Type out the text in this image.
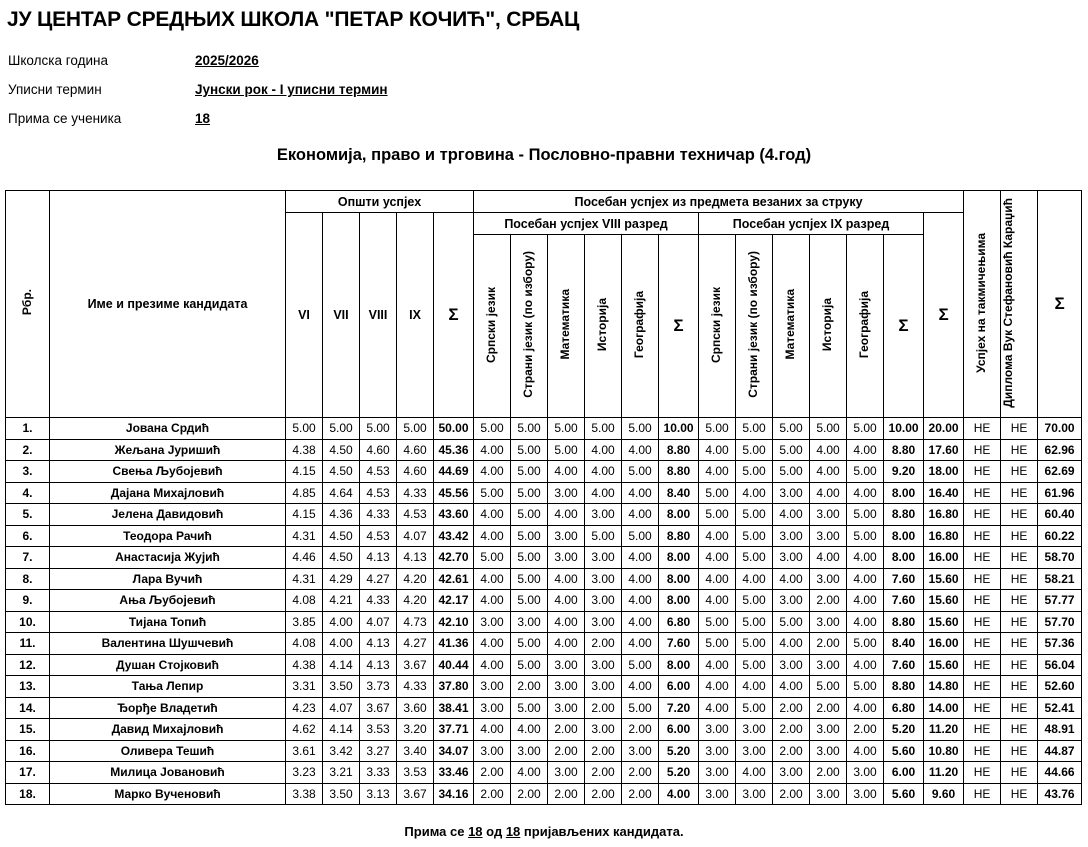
ЈУ ЦЕНТАР СРЕДЊИХ ШКОЛА "ПЕТАР КОЧИЋ", СРБАЦ
Школска година	2025/2026
Уписни термин	Јунски рок - I уписни термин
Прима се ученика	18
Економија, право и трговина - Пословно-правни техничар (4.год)
Рбр.	Име и презиме кандидата	Општи успјех					Посебан успјех из предмета везаних за струку													Успјех на такмичењима	Диплома Вук Стефановић Караџић	Σ
		VI	VII	VIII	IX	Σ	Посебан успјех VIII разред						Посебан успјех IX разред						Σ			
							Српски језик	Страни језик (по избору)	Математика	Историја	Географија	Σ	Српски језик	Страни језик (по избору)	Математика	Историја	Географија	Σ				
1.	Јована Срдић	5.00	5.00	5.00	5.00	50.00	5.00	5.00	5.00	5.00	5.00	10.00	5.00	5.00	5.00	5.00	5.00	10.00	20.00	НЕ	НЕ	70.00
2.	Жељана Јуришић	4.38	4.50	4.60	4.60	45.36	4.00	5.00	5.00	4.00	4.00	8.80	4.00	5.00	5.00	4.00	4.00	8.80	17.60	НЕ	НЕ	62.96
3.	Свења Љубојевић	4.15	4.50	4.53	4.60	44.69	4.00	5.00	4.00	4.00	5.00	8.80	4.00	5.00	5.00	4.00	5.00	9.20	18.00	НЕ	НЕ	62.69
4.	Дајана Михајловић	4.85	4.64	4.53	4.33	45.56	5.00	5.00	3.00	4.00	4.00	8.40	5.00	4.00	3.00	4.00	4.00	8.00	16.40	НЕ	НЕ	61.96
5.	Јелена Давидовић	4.15	4.36	4.33	4.53	43.60	4.00	5.00	4.00	3.00	4.00	8.00	5.00	5.00	4.00	3.00	5.00	8.80	16.80	НЕ	НЕ	60.40
6.	Теодора Рачић	4.31	4.50	4.53	4.07	43.42	4.00	5.00	3.00	5.00	5.00	8.80	4.00	5.00	3.00	3.00	5.00	8.00	16.80	НЕ	НЕ	60.22
7.	Анастасија Жујић	4.46	4.50	4.13	4.13	42.70	5.00	5.00	3.00	3.00	4.00	8.00	4.00	5.00	3.00	4.00	4.00	8.00	16.00	НЕ	НЕ	58.70
8.	Лара Вучић	4.31	4.29	4.27	4.20	42.61	4.00	5.00	4.00	3.00	4.00	8.00	4.00	4.00	4.00	3.00	4.00	7.60	15.60	НЕ	НЕ	58.21
9.	Ања Љубојевић	4.08	4.21	4.33	4.20	42.17	4.00	5.00	4.00	3.00	4.00	8.00	4.00	5.00	3.00	2.00	4.00	7.60	15.60	НЕ	НЕ	57.77
10.	Тијана Топић	3.85	4.00	4.07	4.73	42.10	3.00	3.00	4.00	3.00	4.00	6.80	5.00	5.00	5.00	3.00	4.00	8.80	15.60	НЕ	НЕ	57.70
11.	Валентина Шушчевић	4.08	4.00	4.13	4.27	41.36	4.00	5.00	4.00	2.00	4.00	7.60	5.00	5.00	4.00	2.00	5.00	8.40	16.00	НЕ	НЕ	57.36
12.	Душан Стојковић	4.38	4.14	4.13	3.67	40.44	4.00	5.00	3.00	3.00	5.00	8.00	4.00	5.00	3.00	3.00	4.00	7.60	15.60	НЕ	НЕ	56.04
13.	Тања Лепир	3.31	3.50	3.73	4.33	37.80	3.00	2.00	3.00	3.00	4.00	6.00	4.00	4.00	4.00	5.00	5.00	8.80	14.80	НЕ	НЕ	52.60
14.	Ђорђе Владетић	4.23	4.07	3.67	3.60	38.41	3.00	5.00	3.00	2.00	5.00	7.20	4.00	5.00	2.00	2.00	4.00	6.80	14.00	НЕ	НЕ	52.41
15.	Давид Михајловић	4.62	4.14	3.53	3.20	37.71	4.00	4.00	2.00	3.00	2.00	6.00	3.00	3.00	2.00	3.00	2.00	5.20	11.20	НЕ	НЕ	48.91
16.	Оливера Тешић	3.61	3.42	3.27	3.40	34.07	3.00	3.00	2.00	2.00	3.00	5.20	3.00	3.00	2.00	3.00	4.00	5.60	10.80	НЕ	НЕ	44.87
17.	Милица Јовановић	3.23	3.21	3.33	3.53	33.46	2.00	4.00	3.00	2.00	2.00	5.20	3.00	4.00	3.00	2.00	3.00	6.00	11.20	НЕ	НЕ	44.66
18.	Марко Вученовић	3.38	3.50	3.13	3.67	34.16	2.00	2.00	2.00	2.00	2.00	4.00	3.00	3.00	2.00	3.00	3.00	5.60	9.60	НЕ	НЕ	43.76
Прима се 18 од 18 пријављених кандидата.
